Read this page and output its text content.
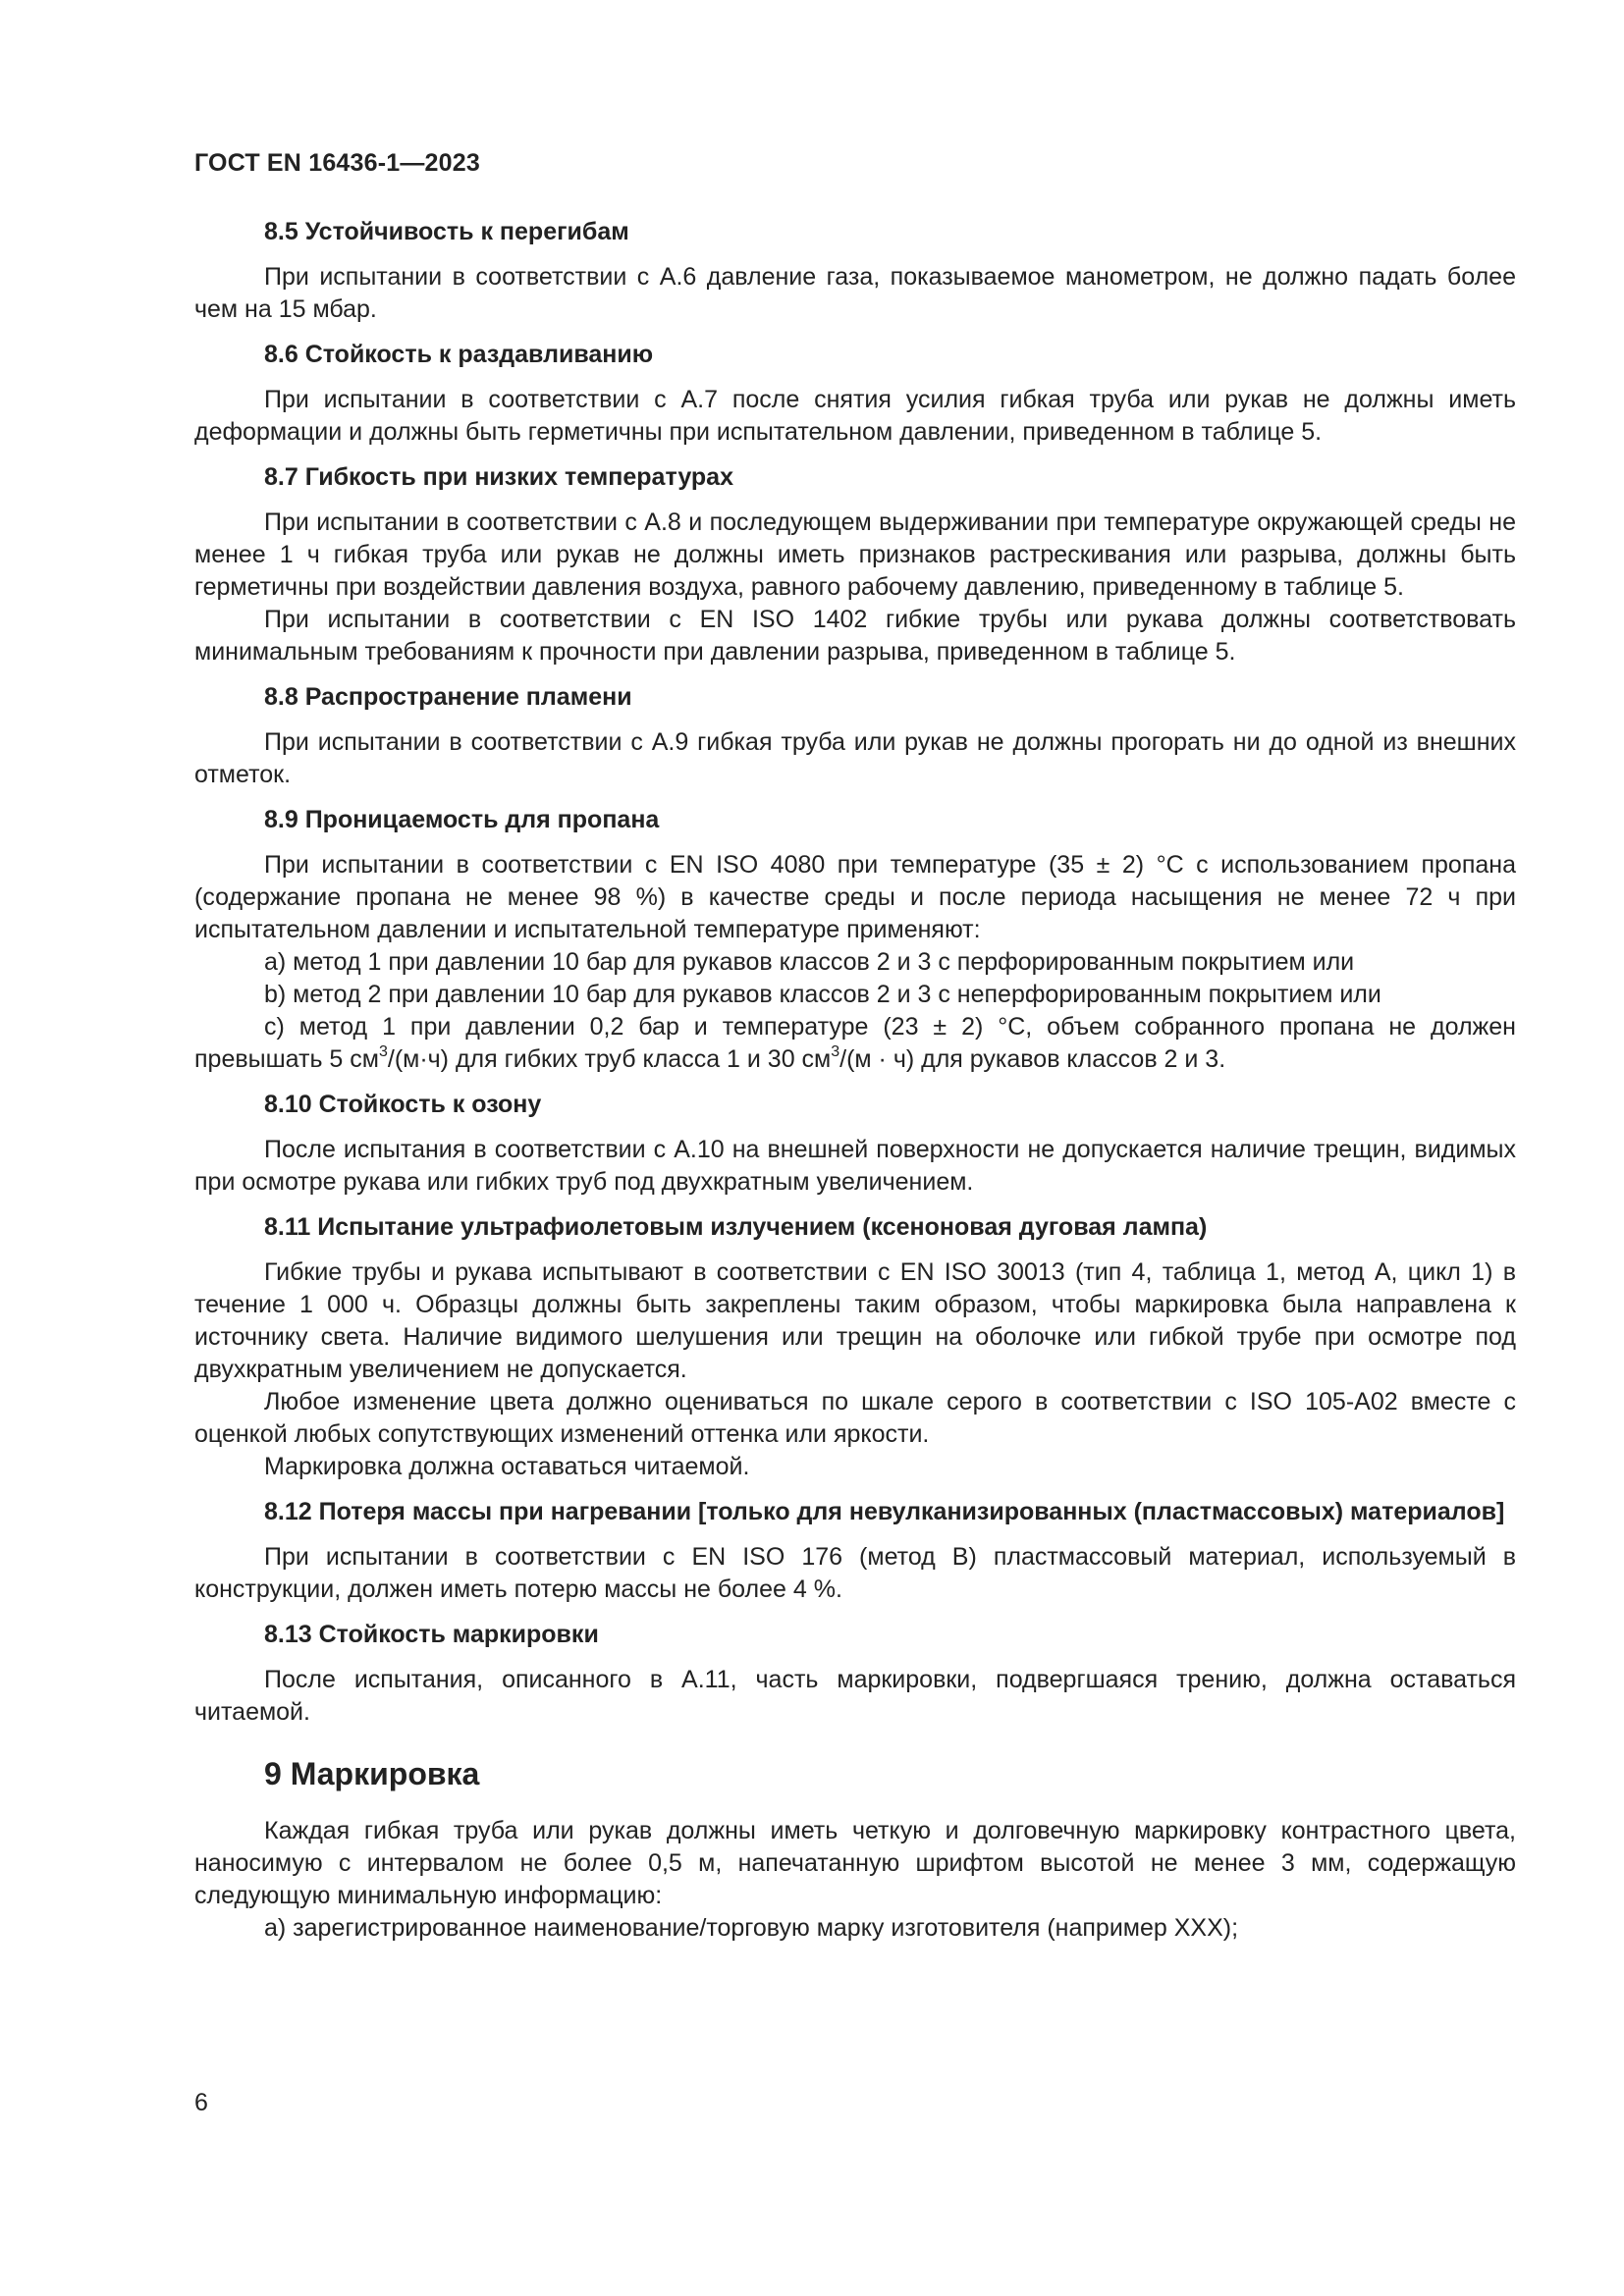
ГОСТ EN 16436-1—2023
8.5 Устойчивость к перегибам

При испытании в соответствии с А.6 давление газа, показываемое манометром, не должно падать более чем на 15 мбар.

8.6 Стойкость к раздавливанию

При испытании в соответствии с А.7 после снятия усилия гибкая труба или рукав не должны иметь деформации и должны быть герметичны при испытательном давлении, приведенном в таблице 5.

8.7 Гибкость при низких температурах

При испытании в соответствии с А.8 и последующем выдерживании при температуре окружающей среды не менее 1 ч гибкая труба или рукав не должны иметь признаков растрескивания или разрыва, должны быть герметичны при воздействии давления воздуха, равного рабочему давлению, приведенному в таблице 5.

При испытании в соответствии с EN ISO 1402 гибкие трубы или рукава должны соответствовать минимальным требованиям к прочности при давлении разрыва, приведенном в таблице 5.

8.8 Распространение пламени

При испытании в соответствии с А.9 гибкая труба или рукав не должны прогорать ни до одной из внешних отметок.

8.9 Проницаемость для пропана

При испытании в соответствии с EN ISO 4080 при температуре (35 ± 2) °С с использованием пропана (содержание пропана не менее 98 %) в качестве среды и после периода насыщения не менее 72 ч при испытательном давлении и испытательной температуре применяют:

a) метод 1 при давлении 10 бар для рукавов классов 2 и 3 с перфорированным покрытием или

b) метод 2 при давлении 10 бар для рукавов классов 2 и 3 с неперфорированным покрытием или

c) метод 1 при давлении 0,2 бар и температуре (23 ± 2) °С, объем собранного пропана не должен превышать 5 $см^3/(м\cdot ч)$ для гибких труб класса 1 и 30 $см^3/(м \cdot ч)$ для рукавов классов 2 и 3.

8.10 Стойкость к озону

После испытания в соответствии с А.10 на внешней поверхности не допускается наличие трещин, видимых при осмотре рукава или гибких труб под двухкратным увеличением.

8.11 Испытание ультрафиолетовым излучением (ксеноновая дуговая лампа)

Гибкие трубы и рукава испытывают в соответствии с EN ISO 30013 (тип 4, таблица 1, метод А, цикл 1) в течение 1 000 ч. Образцы должны быть закреплены таким образом, чтобы маркировка была направлена к источнику света. Наличие видимого шелушения или трещин на оболочке или гибкой трубе при осмотре под двухкратным увеличением не допускается.

Любое изменение цвета должно оцениваться по шкале серого в соответствии с ISO 105-A02 вместе с оценкой любых сопутствующих изменений оттенка или яркости.

Маркировка должна оставаться читаемой.

8.12 Потеря массы при нагревании [только для невулканизированных (пластмассовых) материалов]

При испытании в соответствии с EN ISO 176 (метод В) пластмассовый материал, используемый в конструкции, должен иметь потерю массы не более 4 %.

8.13 Стойкость маркировки

После испытания, описанного в А.11, часть маркировки, подвергшаяся трению, должна оставаться читаемой.

9 Маркировка

Каждая гибкая труба или рукав должны иметь четкую и долговечную маркировку контрастного цвета, наносимую с интервалом не более 0,5 м, напечатанную шрифтом высотой не менее 3 мм, содержащую следующую минимальную информацию:

a) зарегистрированное наименование/торговую марку изготовителя (например ХХХ);

6
